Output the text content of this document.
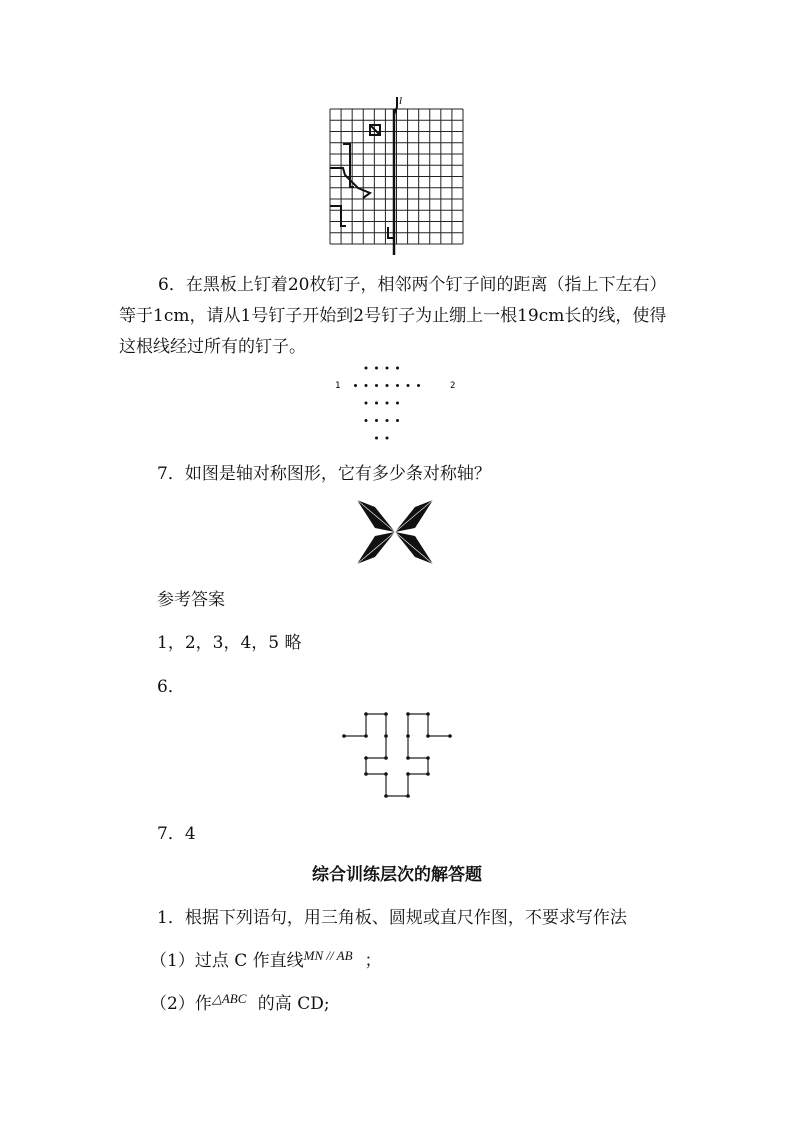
l
6．在黑板上钉着20枚钉子，相邻两个钉子间的距离（指上下左右）等于1cm，请从1号钉子开始到2号钉子为止绷上一根19cm长的线，使得这根线经过所有的钉子。
1	2
7．如图是轴对称图形，它有多少条对称轴？
参考答案
1，2，3，4，5 略
6．
7．4
综合训练层次的解答题
1．根据下列语句，用三角板、圆规或直尺作图，不要求写作法
（1）过点 C 作直线$^{MN // AB}$ ；
（2）作$^{\triangle ABC}$ 的高 CD;
